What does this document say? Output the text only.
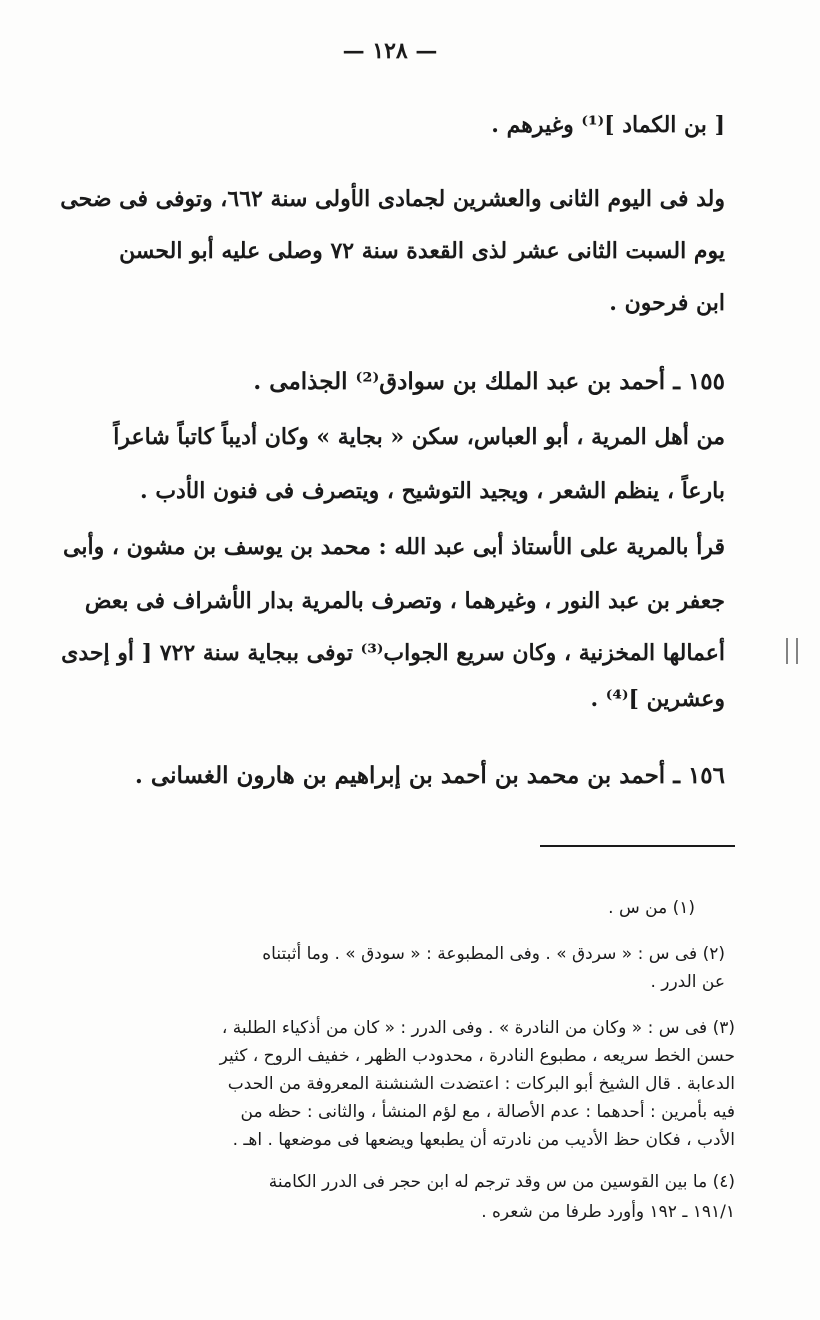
— ١٢٨ —
[ بن الكماد ]⁽¹⁾ وغيرهم .
ولد فى اليوم الثانى والعشرين لجمادى الأولى سنة ٦٦٢، وتوفى فى ضحى
يوم السبت الثانى عشر لذى القعدة سنة ٧٢ وصلى عليه أبو الحسن
ابن فرحون .
١٥٥ ـ أحمد بن عبد الملك بن سوادق⁽²⁾ الجذامى .
من أهل المرية ، أبو العباس، سكن « بجاية » وكان أديباً كاتباً شاعراً
بارعاً ، ينظم الشعر ، ويجيد التوشيح ، ويتصرف فى فنون الأدب .
قرأ بالمرية على الأستاذ أبى عبد الله : محمد بن يوسف بن مشون ، وأبى
جعفر بن عبد النور ، وغيرهما ، وتصرف بالمرية بدار الأشراف فى بعض
أعمالها المخزنية ، وكان سريع الجواب⁽³⁾ توفى ببجاية سنة ٧٢٢ [ أو إحدى
وعشرين ]⁽⁴⁾ .
١٥٦ ـ أحمد بن محمد بن أحمد بن إبراهيم بن هارون الغسانى .
(١) من س .
(٢) فى س : « سردق » . وفى المطبوعة : « سودق » . وما أثبتناه
عن الدرر .
(٣) فى س : « وكان من النادرة » . وفى الدرر : « كان من أذكياء الطلبة ،
حسن الخط سريعه ، مطبوع النادرة ، محدودب الظهر ، خفيف الروح ، كثير
الدعابة . قال الشيخ أبو البركات : اعتضدت الشنشنة المعروفة من الحدب
فيه بأمرين : أحدهما : عدم الأصالة ، مع لؤم المنشأ ، والثانى : حظه من
الأدب ، فكان حظ الأديب من نادرته أن يطبعها ويضعها فى موضعها . اهـ .
(٤) ما بين القوسين من س وقد ترجم له ابن حجر فى الدرر الكامنة
١٩١/١ ـ ١٩٢ وأورد طرفا من شعره .
